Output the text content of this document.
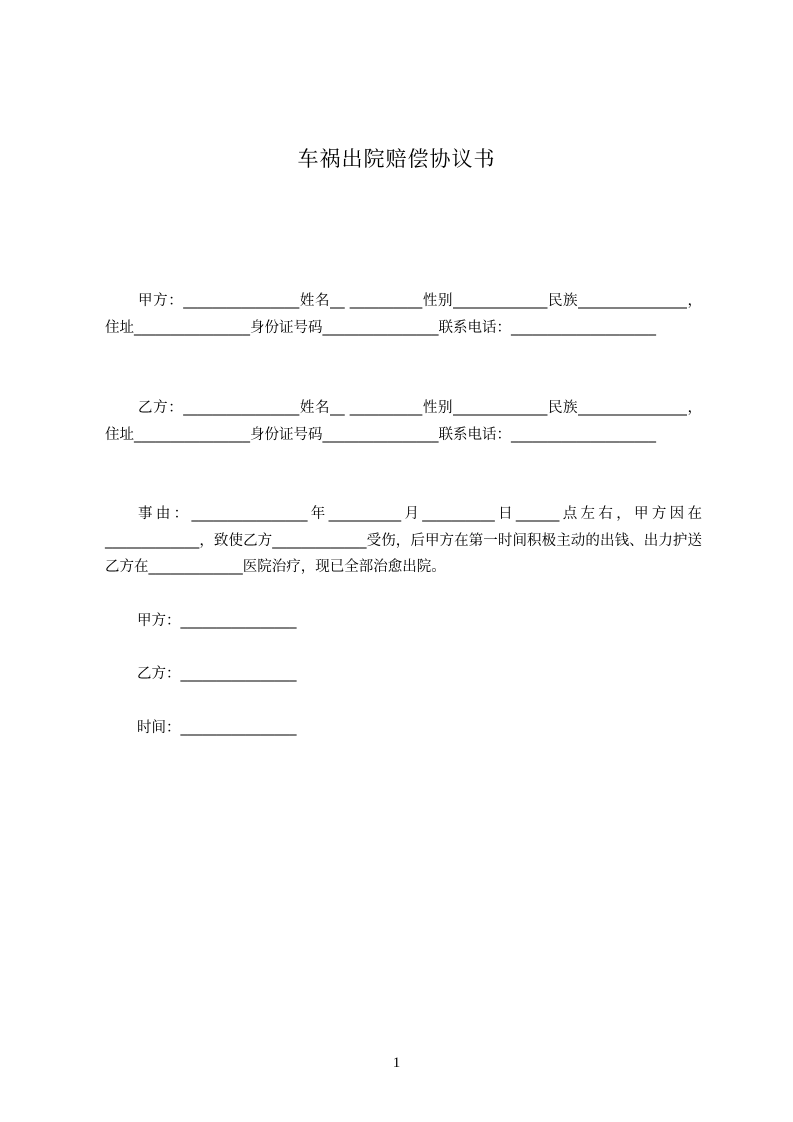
车祸出院赔偿协议书
甲方：________________姓名__ __________性别_____________民族_______________，住址________________身份证号码________________联系电话：____________________
乙方：________________姓名__ __________性别_____________民族_______________，住址________________身份证号码________________联系电话：____________________
事由：________________年__________月__________日______点左右，甲方因在_____________，致使乙方_____________受伤，后甲方在第一时间积极主动的出钱、出力护送乙方在_____________医院治疗，现已全部治愈出院。
甲方：________________
乙方：________________
时间：________________
1
